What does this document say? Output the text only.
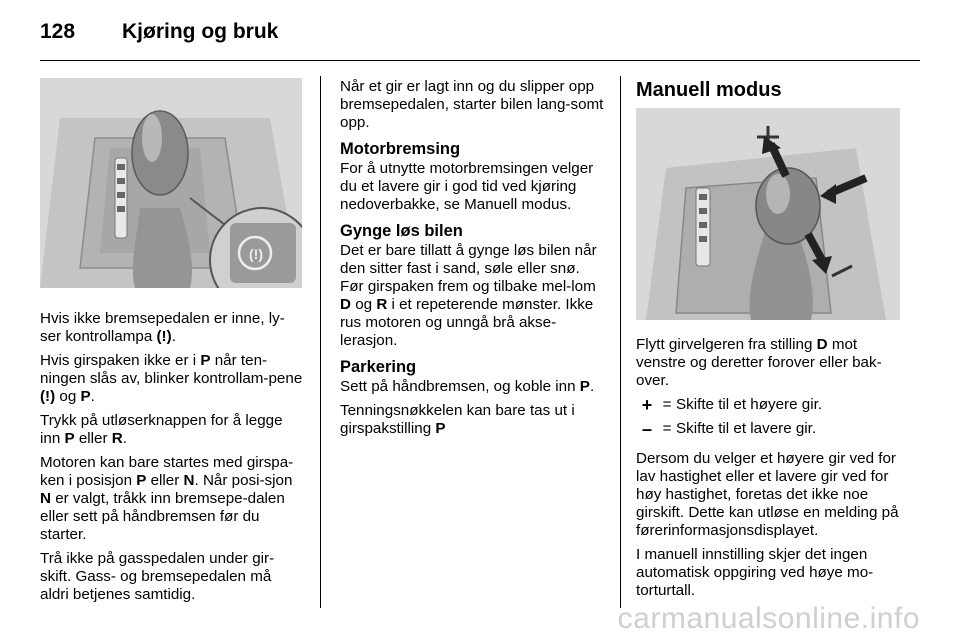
128	Kjøring og bruk
(!)

Hvis ikke bremsepedalen er inne, ly-ser kontrollampa (!).

Hvis girspaken ikke er i P når ten-ningen slås av, blinker kontrollam-pene (!) og P.

Trykk på utløserknappen for å legge inn P eller R.

Motoren kan bare startes med girspa-ken i posisjon P eller N. Når posi-sjon N er valgt, tråkk inn bremsepe-dalen eller sett på håndbremsen før du starter.

Trå ikke på gasspedalen under gir-skift. Gass- og bremsepedalen må aldri betjenes samtidig.

Når et gir er lagt inn og du slipper opp bremsepedalen, starter bilen lang-somt opp.

Motorbremsing

For å utnytte motorbremsingen velger du et lavere gir i god tid ved kjøring nedoverbakke, se Manuell modus.

Gynge løs bilen

Det er bare tillatt å gynge løs bilen når den sitter fast i sand, søle eller snø. Før girspaken frem og tilbake mel-lom D og R i et repeterende mønster. Ikke rus motoren og unngå brå akse-lerasjon.

Parkering

Sett på håndbremsen, og koble inn P.

Tenningsnøkkelen kan bare tas ut i girspakstilling P

Manuell modus

Flytt girvelgeren fra stilling D mot venstre og deretter forover eller bak-over.

+ = Skifte til et høyere gir.
– = Skifte til et lavere gir.

Dersom du velger et høyere gir ved for lav hastighet eller et lavere gir ved for høy hastighet, foretas det ikke noe girskift. Dette kan utløse en melding på førerinformasjonsdisplayet.

I manuell innstilling skjer det ingen automatisk oppgiring ved høye mo-torturtall.

carmanualsonline.info
